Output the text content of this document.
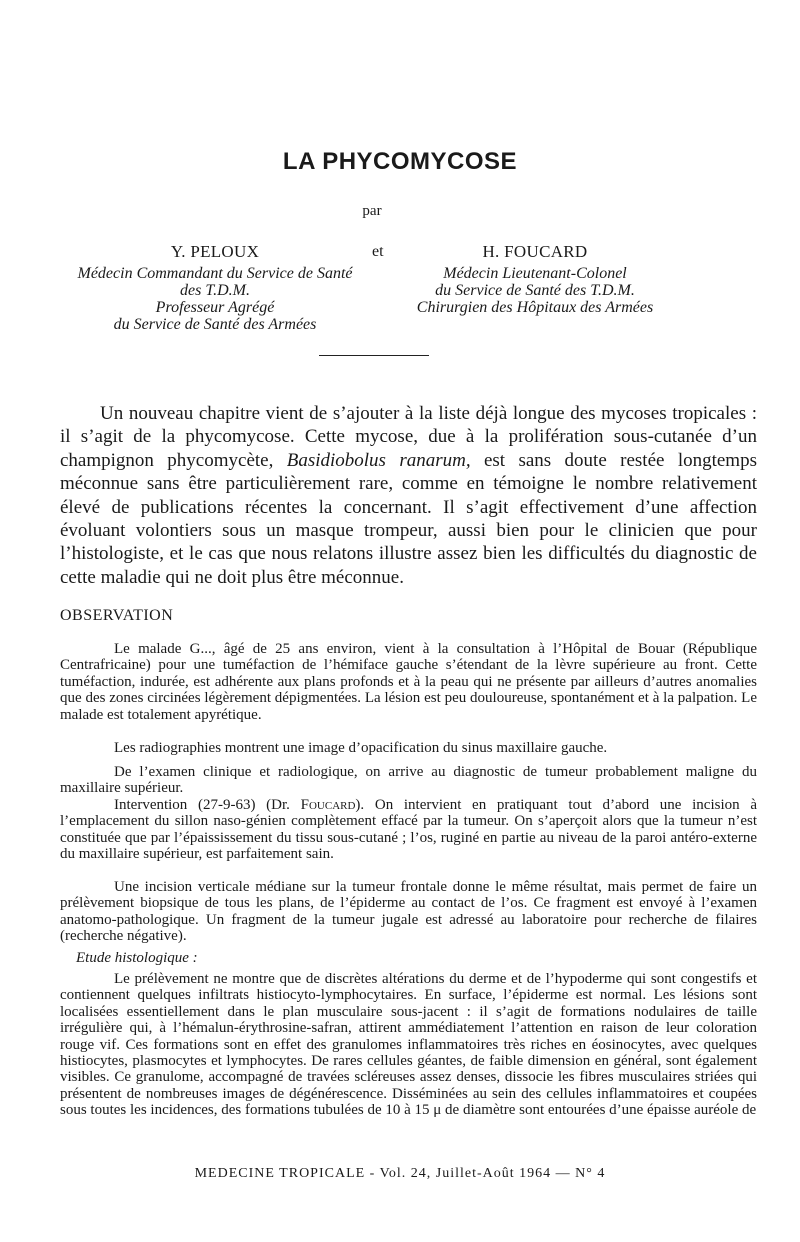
LA PHYCOMYCOSE
par
Y. PELOUX
Médecin Commandant du Service de Santé
des T.D.M.
Professeur Agrégé
du Service de Santé des Armées
et	H. FOUCARD
Médecin Lieutenant-Colonel
du Service de Santé des T.D.M.
Chirurgien des Hôpitaux des Armées

Un nouveau chapitre vient de s’ajouter à la liste déjà longue des mycoses tropicales : il s’agit de la phycomycose. Cette mycose, due à la prolifération sous-cutanée d’un champignon phycomycète, Basidiobolus ranarum, est sans doute restée longtemps méconnue sans être particulièrement rare, comme en témoigne le nombre relativement élevé de publications récentes la concernant. Il s’agit effectivement d’une affection évoluant volontiers sous un masque trompeur, aussi bien pour le clinicien que pour l’histologiste, et le cas que nous relatons illustre assez bien les difficultés du diagnostic de cette maladie qui ne doit plus être méconnue.

OBSERVATION

Le malade G..., âgé de 25 ans environ, vient à la consultation à l’Hôpital de Bouar (République Centrafricaine) pour une tuméfaction de l’hémiface gauche s’étendant de la lèvre supérieure au front. Cette tuméfaction, indurée, est adhérente aux plans profonds et à la peau qui ne présente par ailleurs d’autres anomalies que des zones circinées légèrement dépigmentées. La lésion est peu douloureuse, spontanément et à la palpation. Le malade est totalement apyrétique.

Les radiographies montrent une image d’opacification du sinus maxillaire gauche.

De l’examen clinique et radiologique, on arrive au diagnostic de tumeur probablement maligne du maxillaire supérieur.

Intervention (27-9-63) (Dr. Foucard). On intervient en pratiquant tout d’abord une incision à l’emplacement du sillon naso-génien complètement effacé par la tumeur. On s’aperçoit alors que la tumeur n’est constituée que par l’épaississement du tissu sous-cutané ; l’os, ruginé en partie au niveau de la paroi antéro-externe du maxillaire supérieur, est parfaitement sain.

Une incision verticale médiane sur la tumeur frontale donne le même résultat, mais permet de faire un prélèvement biopsique de tous les plans, de l’épiderme au contact de l’os. Ce fragment est envoyé à l’examen anatomo-pathologique. Un fragment de la tumeur jugale est adressé au laboratoire pour recherche de filaires (recherche négative).

Etude histologique :

Le prélèvement ne montre que de discrètes altérations du derme et de l’hypoderme qui sont congestifs et contiennent quelques infiltrats histiocyto-lymphocytaires. En surface, l’épiderme est normal. Les lésions sont localisées essentiellement dans le plan musculaire sous-jacent : il s’agit de formations nodulaires de taille irrégulière qui, à l’hémalun-érythrosine-safran, attirent ammédiatement l’attention en raison de leur coloration rouge vif. Ces formations sont en effet des granulomes inflammatoires très riches en éosinocytes, avec quelques histiocytes, plasmocytes et lymphocytes. De rares cellules géantes, de faible dimension en général, sont également visibles. Ce granulome, accompagné de travées scléreuses assez denses, dissocie les fibres musculaires striées qui présentent de nombreuses images de dégénérescence. Disséminées au sein des cellules inflammatoires et coupées sous toutes les incidences, des formations tubulées de 10 à 15 μ de diamètre sont entourées d’une épaisse auréole de

MEDECINE TROPICALE - Vol. 24, Juillet-Août 1964 — N° 4
